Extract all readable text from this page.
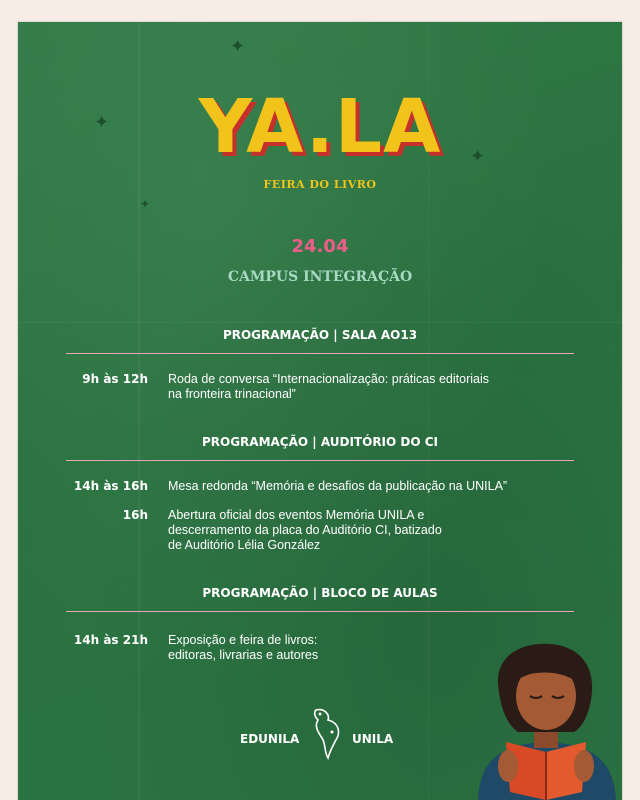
✦
✦
✦
✦
YA.LA
FEIRA DO LIVRO
24.04
CAMPUS INTEGRAÇÃO
PROGRAMAÇÃO | SALA AO13
9h às 12h Roda de conversa “Internacionalização: práticas editoriais
na fronteira trinacional”
PROGRAMAÇÃO | AUDITÓRIO DO CI
14h às 16h Mesa redonda “Memória e desafios da publicação na UNILA”
16h Abertura oficial dos eventos Memória UNILA e
descerramento da placa do Auditório CI, batizado
de Auditório Lélia González
PROGRAMAÇÃO | BLOCO DE AULAS
14h às 21h Exposição e feira de livros:
editoras, livrarias e autores
EDUNILA	UNILA
